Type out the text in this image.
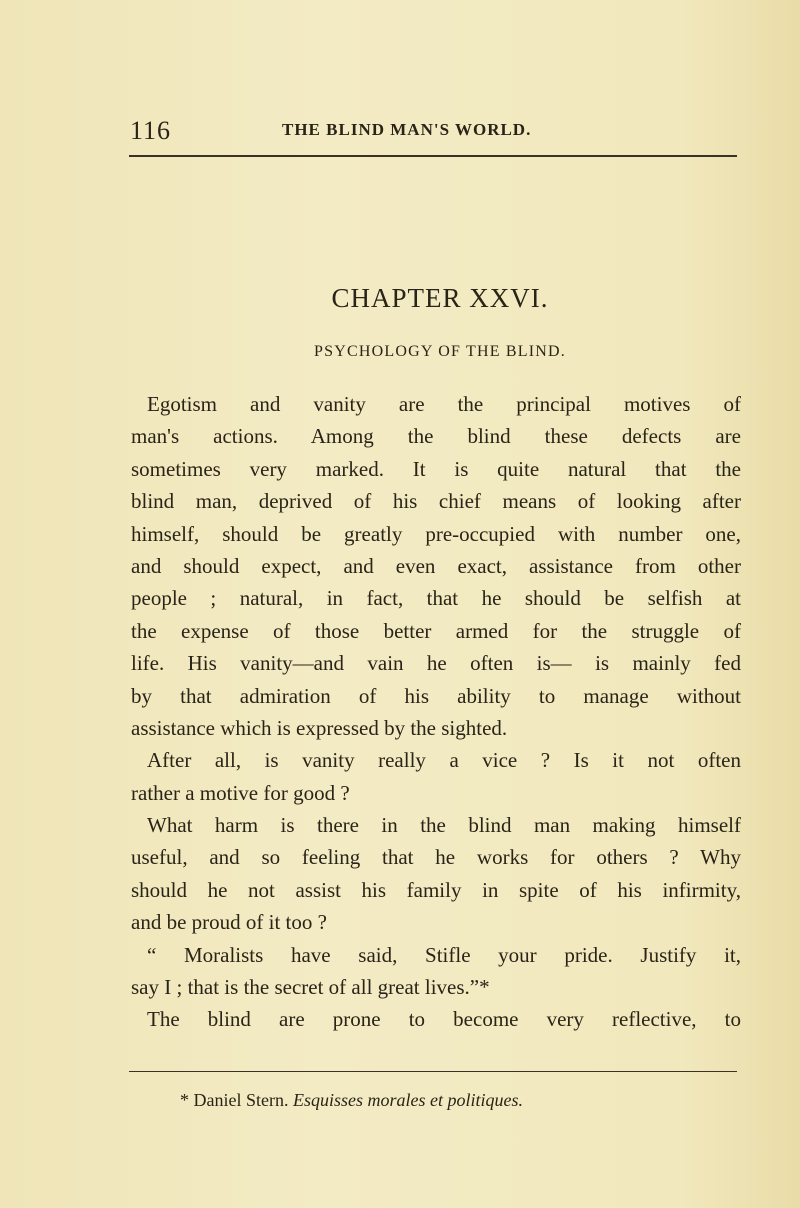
116	THE BLIND MAN'S WORLD.
CHAPTER XXVI.
PSYCHOLOGY OF THE BLIND.
Egotism and vanity are the principal motives of
man's actions. Among the blind these defects are
sometimes very marked. It is quite natural that the
blind man, deprived of his chief means of looking after
himself, should be greatly pre-occupied with number one,
and should expect, and even exact, assistance from other
people ; natural, in fact, that he should be selfish at
the expense of those better armed for the struggle of
life. His vanity—and vain he often is— is mainly fed
by that admiration of his ability to manage without
assistance which is expressed by the sighted.
After all, is vanity really a vice ? Is it not often
rather a motive for good ?
What harm is there in the blind man making himself
useful, and so feeling that he works for others ? Why
should he not assist his family in spite of his infirmity,
and be proud of it too ?
“ Moralists have said, Stifle your pride. Justify it,
say I ; that is the secret of all great lives.”*
The blind are prone to become very reflective, to
* Daniel Stern. Esquisses morales et politiques.
